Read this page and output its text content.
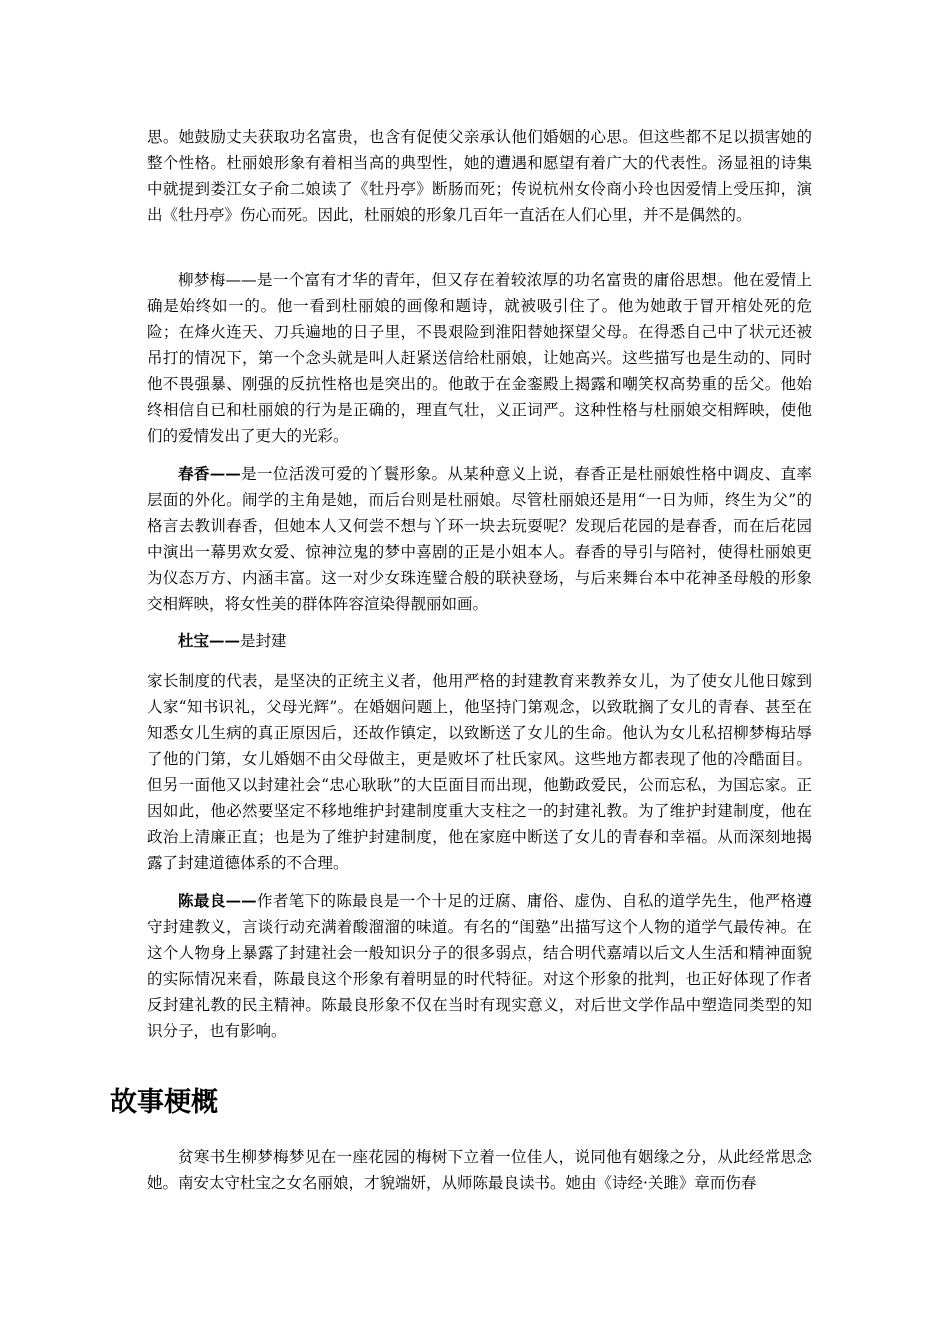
思。她鼓励丈夫获取功名富贵，也含有促使父亲承认他们婚姻的心思。但这些都不足以损害她的整个性格。杜丽娘形象有着相当高的典型性，她的遭遇和愿望有着广大的代表性。汤显祖的诗集中就提到娄江女子俞二娘读了《牡丹亭》断肠而死；传说杭州女伶商小玲也因爱情上受压抑，演出《牡丹亭》伤心而死。因此，杜丽娘的形象几百年一直活在人们心里，并不是偶然的。

柳梦梅——是一个富有才华的青年，但又存在着较浓厚的功名富贵的庸俗思想。他在爱情上确是始终如一的。他一看到杜丽娘的画像和题诗，就被吸引住了。他为她敢于冒开棺处死的危险；在烽火连天、刀兵遍地的日子里，不畏艰险到淮阳替她探望父母。在得悉自己中了状元还被吊打的情况下，第一个念头就是叫人赶紧送信给杜丽娘，让她高兴。这些描写也是生动的、同时他不畏强暴、刚强的反抗性格也是突出的。他敢于在金銮殿上揭露和嘲笑权高势重的岳父。他始终相信自已和杜丽娘的行为是正确的，理直气壮，义正词严。这种性格与杜丽娘交相辉映，使他们的爱情发出了更大的光彩。

春香——是一位活泼可爱的丫鬟形象。从某种意义上说，春香正是杜丽娘性格中调皮、直率层面的外化。闹学的主角是她，而后台则是杜丽娘。尽管杜丽娘还是用“一日为师，终生为父”的格言去教训春香，但她本人又何尝不想与丫环一块去玩耍呢？发现后花园的是春香，而在后花园中演出一幕男欢女爱、惊神泣鬼的梦中喜剧的正是小姐本人。春香的导引与陪衬，使得杜丽娘更为仪态万方、内涵丰富。这一对少女珠连璧合般的联袂登场，与后来舞台本中花神圣母般的形象交相辉映，将女性美的群体阵容渲染得靓丽如画。

杜宝——是封建

家长制度的代表，是坚决的正统主义者，他用严格的封建教育来教养女儿，为了使女儿他日嫁到人家“知书识礼，父母光辉”。在婚姻问题上，他坚持门第观念，以致耽搁了女儿的青春、甚至在知悉女儿生病的真正原因后，还故作镇定，以致断送了女儿的生命。他认为女儿私招柳梦梅玷辱了他的门第，女儿婚姻不由父母做主，更是败坏了杜氏家风。这些地方都表现了他的冷酷面目。但另一面他又以封建社会“忠心耿耿”的大臣面目而出现，他勤政爱民，公而忘私，为国忘家。正因如此，他必然要坚定不移地维护封建制度重大支柱之一的封建礼教。为了维护封建制度，他在政治上清廉正直；也是为了维护封建制度，他在家庭中断送了女儿的青春和幸福。从而深刻地揭露了封建道德体系的不合理。

陈最良——作者笔下的陈最良是一个十足的迂腐、庸俗、虚伪、自私的道学先生，他严格遵守封建教义，言谈行动充满着酸溜溜的味道。有名的“闺塾”出描写这个人物的道学气最传神。在这个人物身上暴露了封建社会一般知识分子的很多弱点，结合明代嘉靖以后文人生活和精神面貌的实际情况来看，陈最良这个形象有着明显的时代特征。对这个形象的批判，也正好体现了作者反封建礼教的民主精神。陈最良形象不仅在当时有现实意义，对后世文学作品中塑造同类型的知识分子，也有影响。

故事梗概

贫寒书生柳梦梅梦见在一座花园的梅树下立着一位佳人，说同他有姻缘之分，从此经常思念她。南安太守杜宝之女名丽娘，才貌端妍，从师陈最良读书。她由《诗经·关雎》章而伤春
